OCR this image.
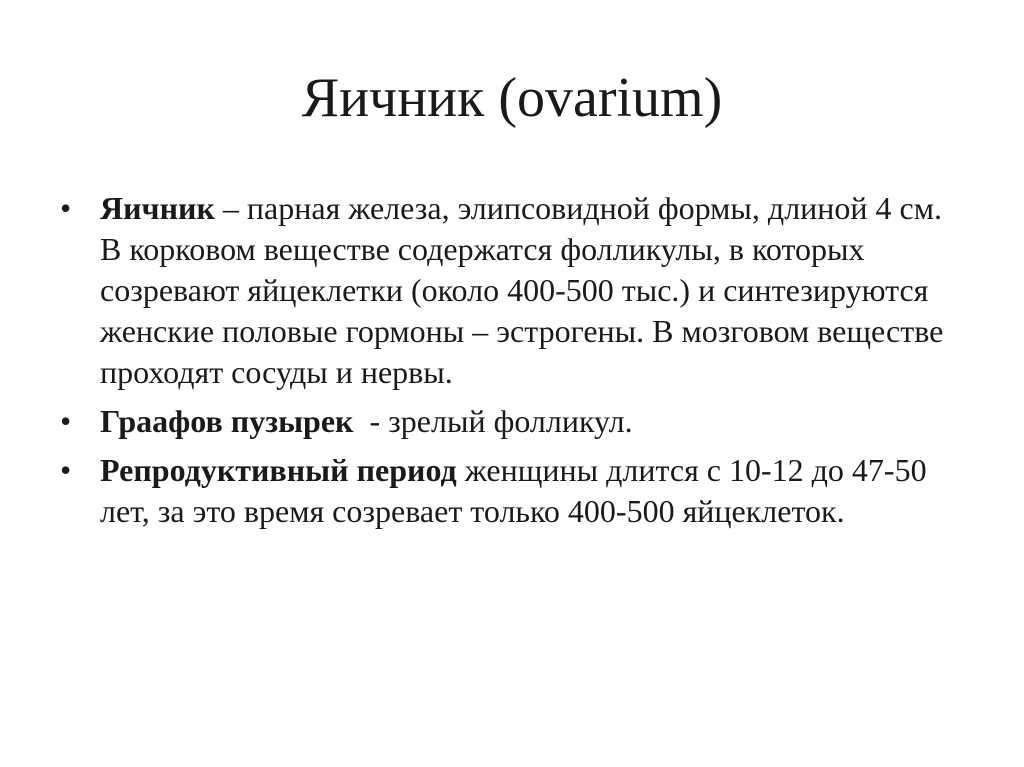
Яичник (ovarium)
• Яичник – парная железа, элипсовидной формы, длиной 4 см. В корковом веществе содержатся фолликулы, в которых созревают яйцеклетки (около 400-500 тыс.) и синтезируются женские половые гормоны – эстрогены. В мозговом веществе проходят сосуды и нервы.
• Граафов пузырек  - зрелый фолликул.
• Репродуктивный период женщины длится с 10-12 до 47-50 лет, за это время созревает только 400-500 яйцеклеток.
